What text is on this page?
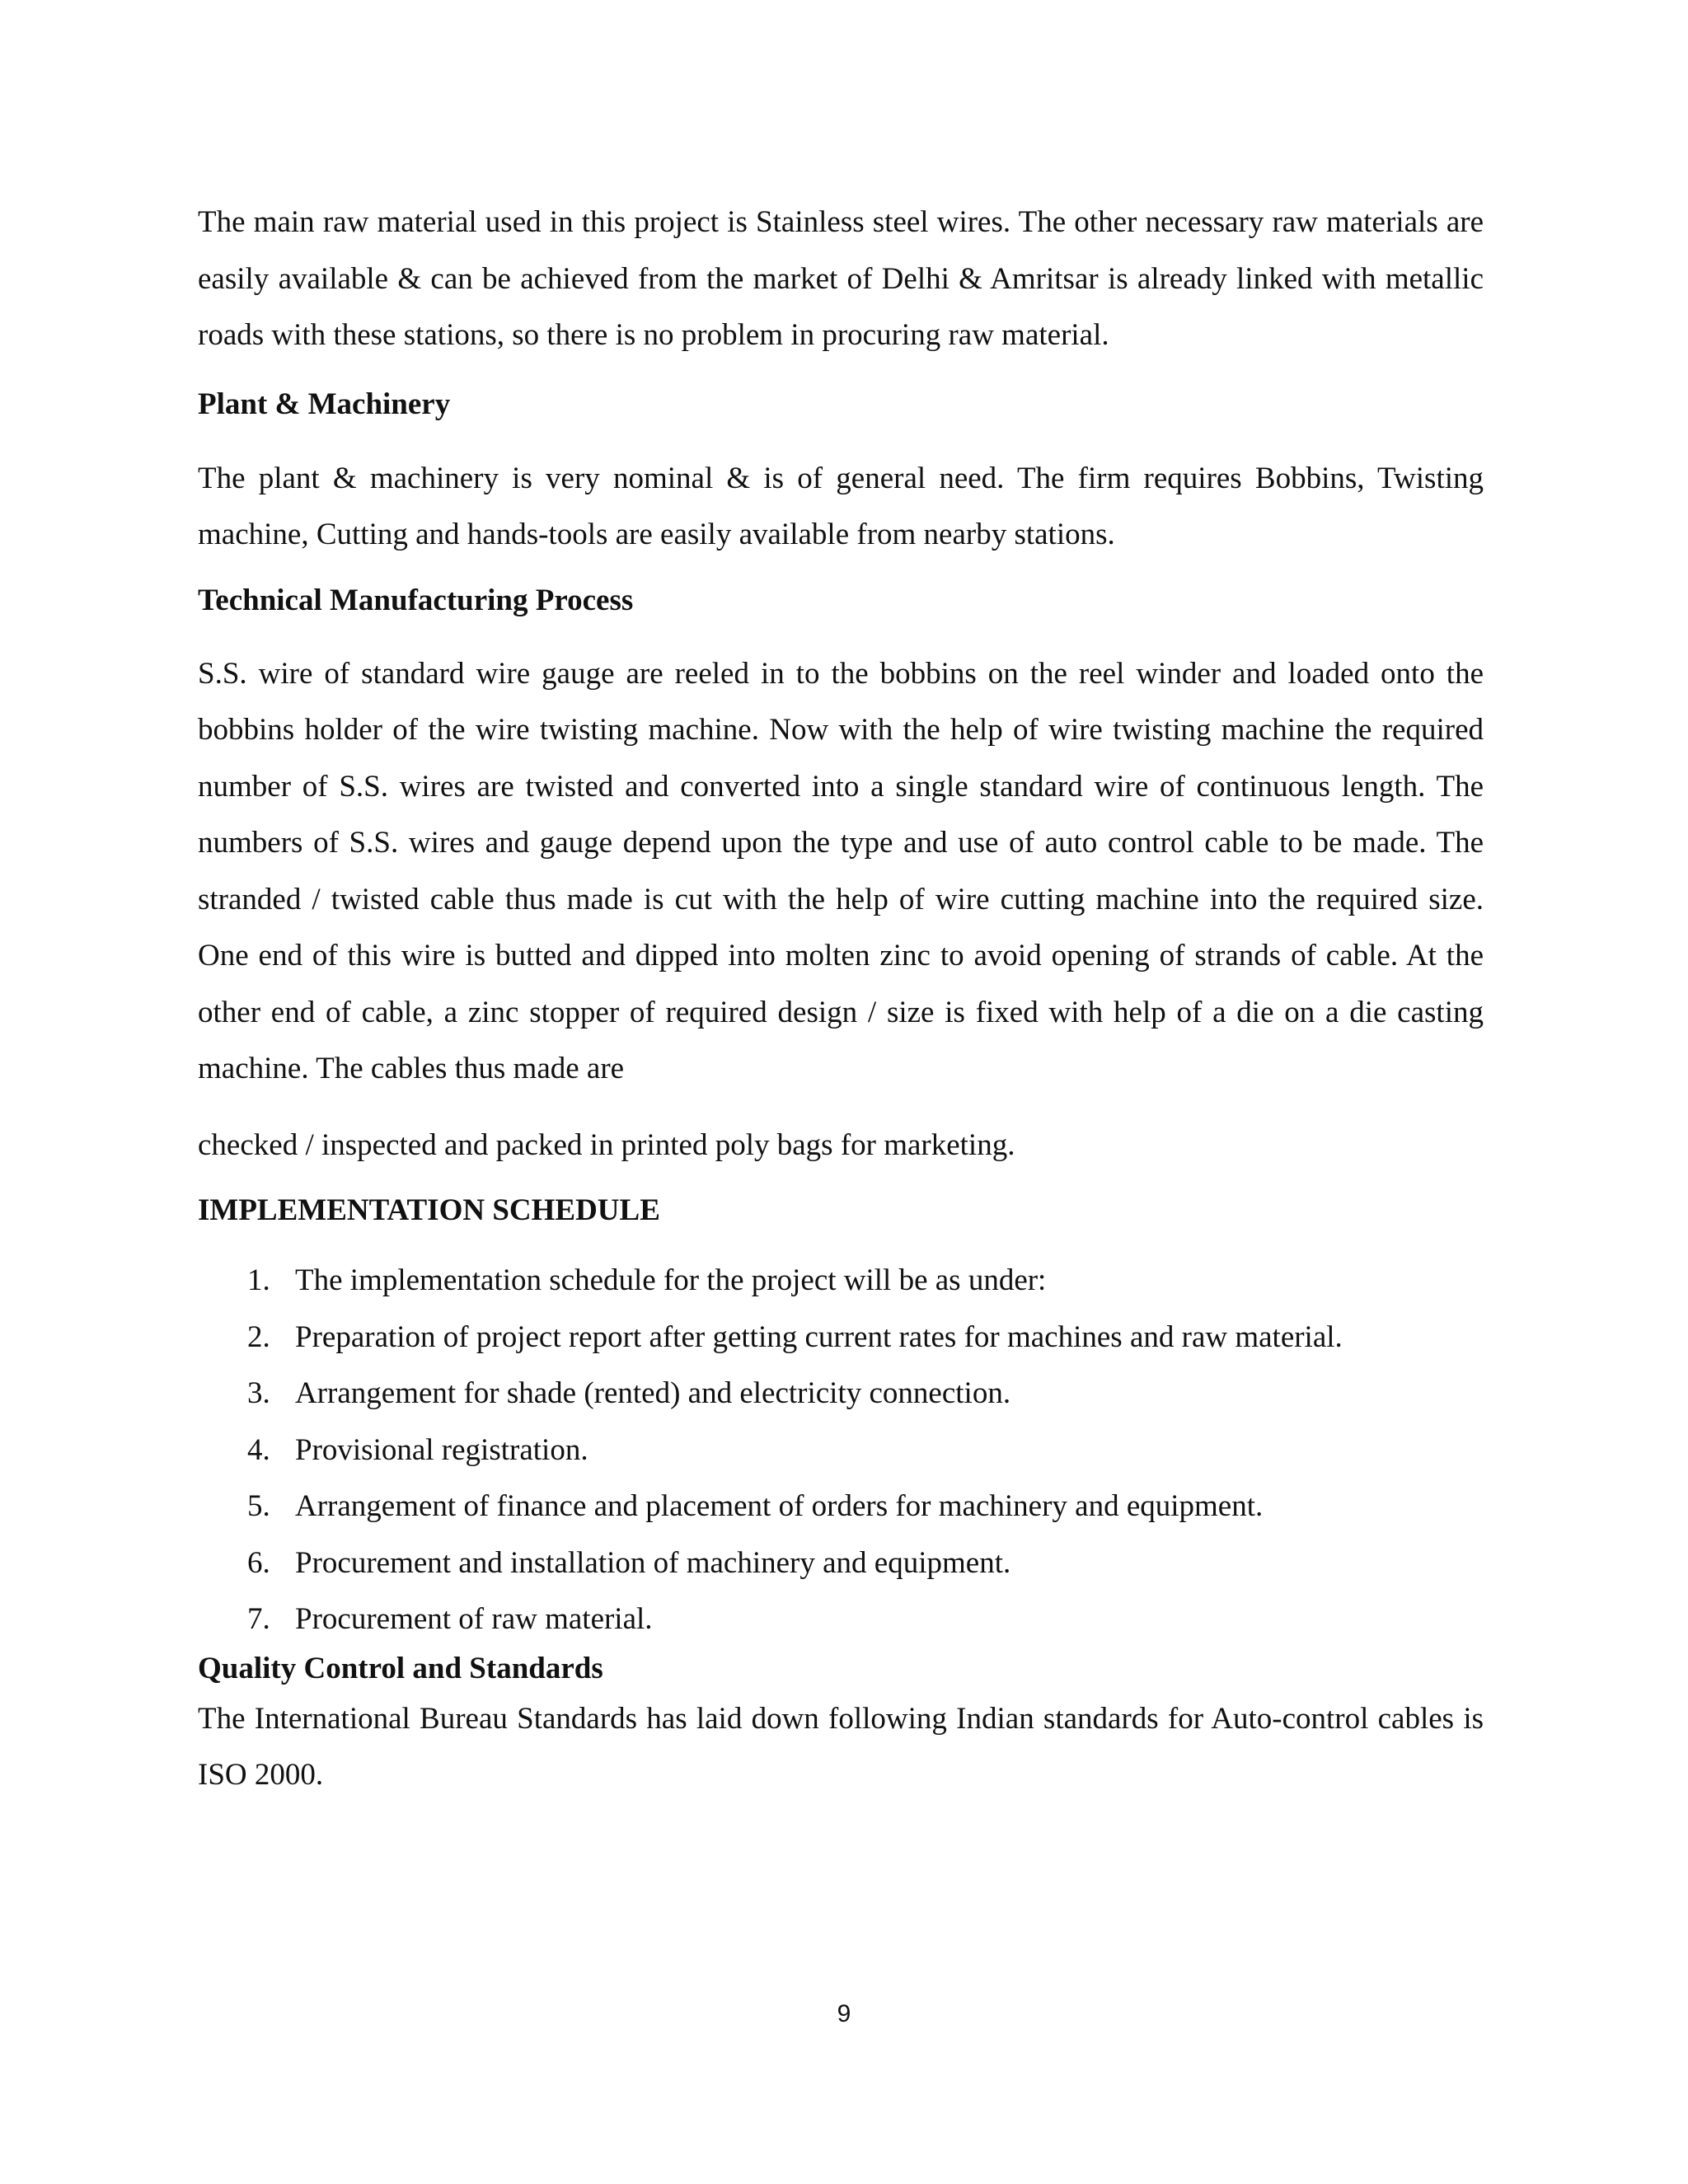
The main raw material used in this project is Stainless steel wires. The other necessary raw materials are easily available & can be achieved from the market of Delhi & Amritsar is already linked with metallic roads with these stations, so there is no problem in procuring raw material.

Plant & Machinery

The plant & machinery is very nominal & is of general need. The firm requires Bobbins, Twisting machine, Cutting and hands-tools are easily available from nearby stations.

Technical Manufacturing Process

S.S. wire of standard wire gauge are reeled in to the bobbins on the reel winder and loaded onto the bobbins holder of the wire twisting machine. Now with the help of wire twisting machine the required number of S.S. wires are twisted and converted into a single standard wire of continuous length. The numbers of S.S. wires and gauge depend upon the type and use of auto control cable to be made. The stranded / twisted cable thus made is cut with the help of wire cutting machine into the required size. One end of this wire is butted and dipped into molten zinc to avoid opening of strands of cable. At the other end of cable, a zinc stopper of required design / size is fixed with help of a die on a die casting machine. The cables thus made are

checked / inspected and packed in printed poly bags for marketing.

IMPLEMENTATION SCHEDULE
1. The implementation schedule for the project will be as under:
2. Preparation of project report after getting current rates for machines and raw material.
3. Arrangement for shade (rented) and electricity connection.
4. Provisional registration.
5. Arrangement of finance and placement of orders for machinery and equipment.
6. Procurement and installation of machinery and equipment.
7. Procurement of raw material.
Quality Control and Standards

The International Bureau Standards has laid down following Indian standards for Auto-control cables is ISO 2000.

9
